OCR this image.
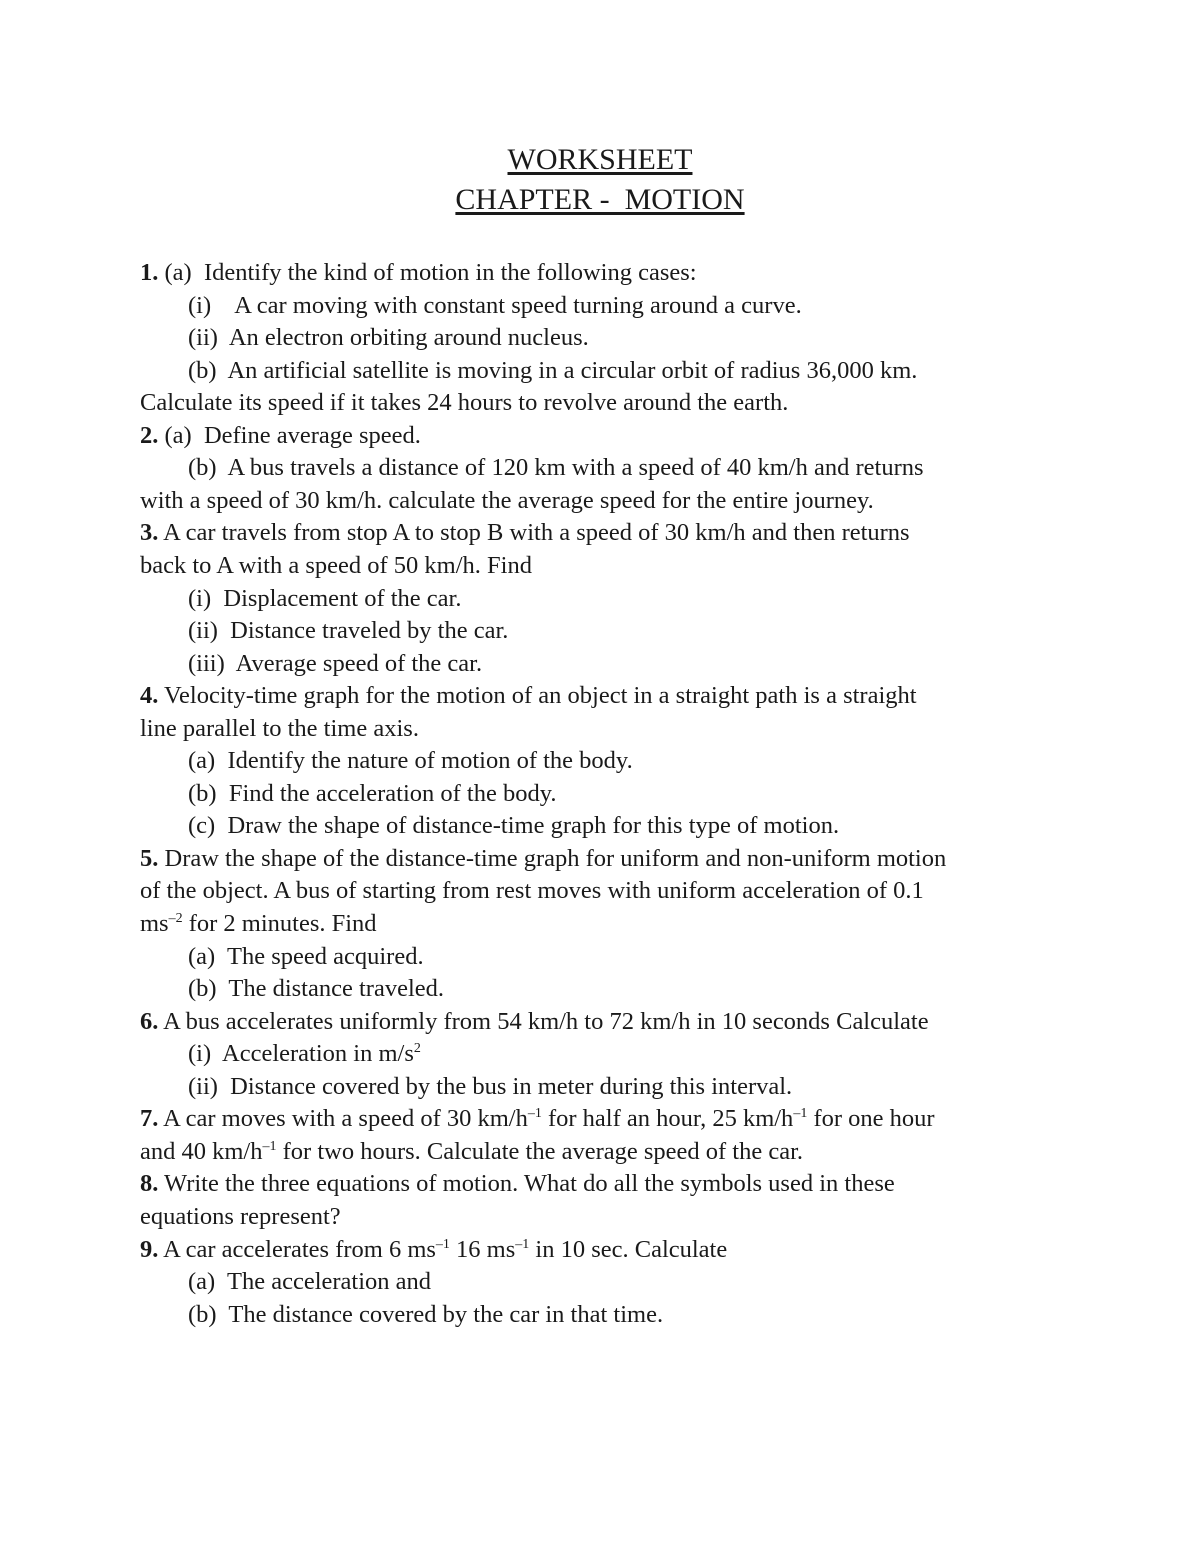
WORKSHEET
CHAPTER -  MOTION
1. (a)  Identify the kind of motion in the following cases:
(i)    A car moving with constant speed turning around a curve.
(ii)  An electron orbiting around nucleus.
(b)  An artificial satellite is moving in a circular orbit of radius 36,000 km.
Calculate its speed if it takes 24 hours to revolve around the earth.
2. (a)  Define average speed.
(b)  A bus travels a distance of 120 km with a speed of 40 km/h and returns
with a speed of 30 km/h. calculate the average speed for the entire journey.
3. A car travels from stop A to stop B with a speed of 30 km/h and then returns
back to A with a speed of 50 km/h. Find
(i)  Displacement of the car.
(ii)  Distance traveled by the car.
(iii)  Average speed of the car.
4. Velocity-time graph for the motion of an object in a straight path is a straight
line parallel to the time axis.
(a)  Identify the nature of motion of the body.
(b)  Find the acceleration of the body.
(c)  Draw the shape of distance-time graph for this type of motion.
5. Draw the shape of the distance-time graph for uniform and non-uniform motion
of the object. A bus of starting from rest moves with uniform acceleration of 0.1
$ms^{-2}$ for 2 minutes. Find
(a)  The speed acquired.
(b)  The distance traveled.
6. A bus accelerates uniformly from 54 km/h to 72 km/h in 10 seconds Calculate
(i)  Acceleration in $m/s^2$
(ii)  Distance covered by the bus in meter during this interval.
7. A car moves with a speed of 30 $km/h^{-1}$ for half an hour, 25 $km/h^{-1}$ for one hour
and 40 $km/h^{-1}$ for two hours. Calculate the average speed of the car.
8. Write the three equations of motion. What do all the symbols used in these
equations represent?
9. A car accelerates from 6 $ms^{-1}$ 16 $ms^{-1}$ in 10 sec. Calculate
(a)  The acceleration and
(b)  The distance covered by the car in that time.
